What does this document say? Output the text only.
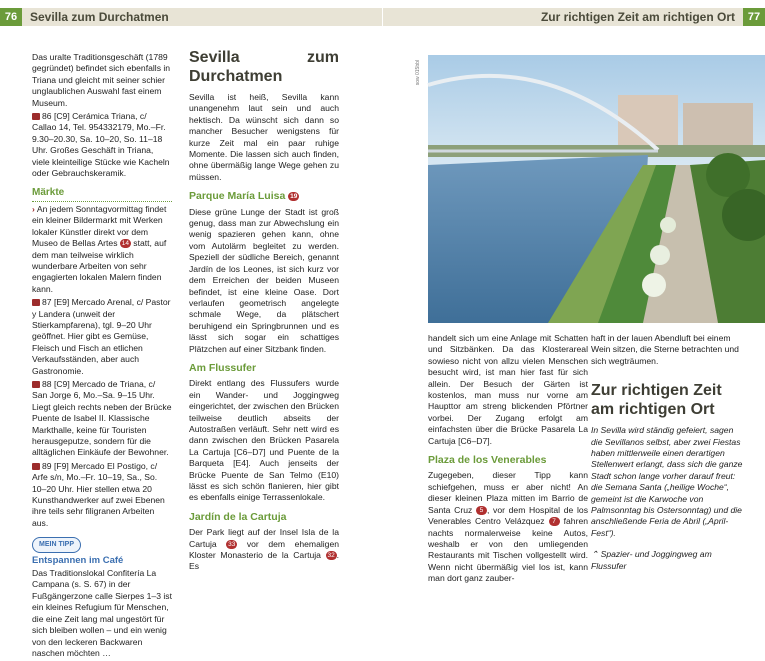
76	Sevilla zum Durchatmen

Das uralte Traditionsgeschäft (1789 gegründet) befindet sich ebenfalls in Triana und gleicht mit seiner schier unglaublichen Auswahl fast einem Museum.

86 [C9] Cerámica Triana, c/ Callao 14, Tel. 954332179, Mo.–Fr. 9.30–20.30, Sa. 10–20, So. 11–18 Uhr. Großes Geschäft in Triana, viele kleinteilige Stücke wie Kacheln oder Gebrauchskeramik.

Märkte

› An jedem Sonntagvormittag findet ein kleiner Bildermarkt mit Werken lokaler Künstler direkt vor dem Museo de Bellas Artes 14 statt, auf dem man teilweise wirklich wunderbare Arbeiten von sehr engagierten lokalen Malern finden kann.

87 [E9] Mercado Arenal, c/ Pastor y Landera (unweit der Stierkampfarena), tgl. 9–20 Uhr geöffnet. Hier gibt es Gemüse, Fleisch und Fisch an etlichen Verkaufsständen, aber auch Gastronomie.

88 [C9] Mercado de Triana, c/ San Jorge 6, Mo.–Sa. 9–15 Uhr. Liegt gleich rechts neben der Brücke Puente de Isabel II. Klassische Markthalle, keine für Touristen herausgeputze, sondern für die alltäglichen Einkäufe der Bewohner.

89 [F9] Mercado El Postigo, c/ Arfe s/n, Mo.–Fr. 10–19, Sa., So. 10–20 Uhr. Hier stellen etwa 20 Kunsthandwerker auf zwei Ebenen ihre teils sehr filigranen Arbeiten aus.

MEIN TIPP
Entspannen im Café

Das Traditionslokal Confitería La Campana (s. S. 67) in der Fußgängerzone calle Sierpes 1–3 ist ein kleines Refugium für Menschen, die eine Zeit lang mal ungestört für sich bleiben wollen – und ein wenig von den leckeren Backwaren naschen möchten …

Sevilla zum Durchatmen

Sevilla ist heiß, Sevilla kann unangenehm laut sein und auch hektisch. Da wünscht sich dann so mancher Besucher wenigstens für kurze Zeit mal ein paar ruhige Momente. Die lassen sich auch finden, ohne übermäßig lange Wege gehen zu müssen.

Parque María Luisa 19

Diese grüne Lunge der Stadt ist groß genug, dass man zur Abwechslung ein wenig spazieren gehen kann, ohne vom Autolärm begleitet zu werden. Speziell der südliche Bereich, genannt Jardín de los Leones, ist sich kurz vor dem Erreichen der beiden Museen befindet, ist eine kleine Oase. Dort verlaufen geometrisch angelegte schmale Wege, da plätschert beruhigend ein Springbrunnen und es lässt sich sogar ein schattiges Plätzchen auf einer Sitzbank finden.

Am Flussufer

Direkt entlang des Flussufers wurde ein Wander- und Joggingweg eingerichtet, der zwischen den Brücken teilweise deutlich abseits der Autostraßen verläuft. Sehr nett wird es dann zwischen den Brücken Pasarela La Cartuja [C6–D7] und Puente de la Barqueta [E4]. Auch jenseits der Brücke Puente de San Telmo (E10) lässt es sich schön flanieren, hier gibt es ebenfalls einige Terrassenlokale.

Jardín de la Cartuja

Der Park liegt auf der Insel Isla de la Cartuja 33 vor dem ehemaligen Kloster Monasterio de la Cartuja 32 . Es

Zur richtigen Zeit am richtigen Ort	77
sow 015bbl

handelt sich um eine Anlage mit Schatten und Sitzbänken. Da das Klosterareal sowieso nicht von allzu vielen Menschen besucht wird, ist man hier fast für sich allein. Der Besuch der Gärten ist kostenlos, man muss nur vorne am Haupttor am streng blickenden Pförtner vorbei. Der Zugang erfolgt am einfachsten über die Brücke Pasarela La Cartuja [C6–D7].

Plaza de los Venerables

Zugegeben, dieser Tipp kann schiefgehen, muss er aber nicht! An dieser kleinen Plaza mitten im Barrio de Santa Cruz 5 , vor dem Hospital de los Venerables Centro Velázquez 7 fahren nachts normalerweise keine Autos, weshalb er von den umliegenden Restaurants mit Tischen vollgestellt wird. Wenn nicht übermäßig viel los ist, kann man dort ganz zauber-

haft in der lauen Abendluft bei einem Wein sitzen, die Sterne betrachten und sich wegträumen.

Zur richtigen Zeit am richtigen Ort

In Sevilla wird ständig gefeiert, sagen die Sevillanos selbst, aber zwei Fiestas haben mittlerweile einen derartigen Stellenwert erlangt, dass sich die ganze Stadt schon lange vorher darauf freut: die Semana Santa („heilige Woche“, gemeint ist die Karwoche von Palmsonntag bis Ostersonntag) und die anschließende Feria de Abril („April-Fest“).

⌃ Spazier- und Joggingweg am Flussufer
